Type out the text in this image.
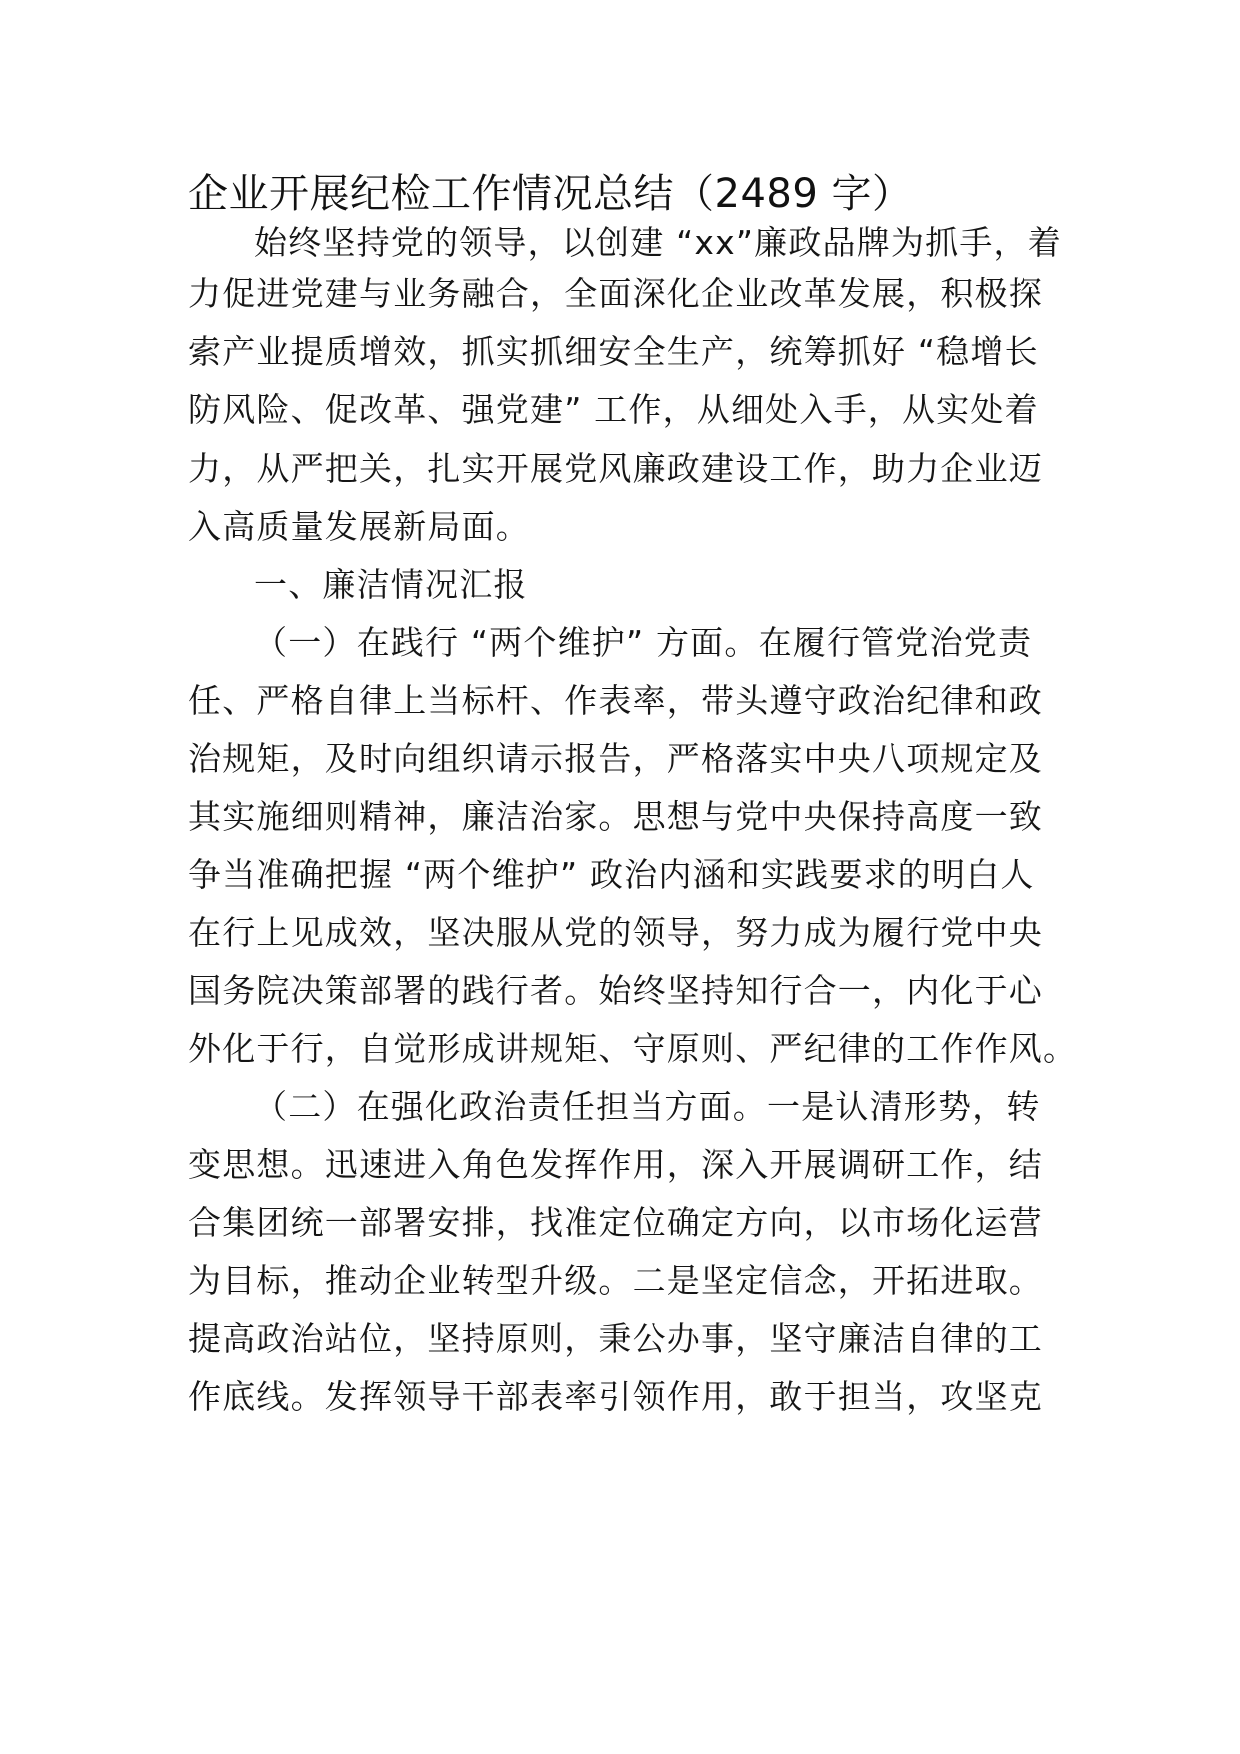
企业开展纪检工作情况总结（2489 字）

始终坚持党的领导，以创建 “xx”廉政品牌为抓手，着

力促进党建与业务融合，全面深化企业改革发展，积极探

索产业提质增效，抓实抓细安全生产，统筹抓好 “稳增长

防风险、促改革、强党建” 工作，从细处入手，从实处着

力，从严把关，扎实开展党风廉政建设工作，助力企业迈

入高质量发展新局面。

一、廉洁情况汇报

（一）在践行 “两个维护” 方面。在履行管党治党责

任、严格自律上当标杆、作表率，带头遵守政治纪律和政

治规矩，及时向组织请示报告，严格落实中央八项规定及

其实施细则精神，廉洁治家。思想与党中央保持高度一致

争当准确把握 “两个维护” 政治内涵和实践要求的明白人

在行上见成效，坚决服从党的领导，努力成为履行党中央

国务院决策部署的践行者。始终坚持知行合一，内化于心

外化于行，自觉形成讲规矩、守原则、严纪律的工作作风。

（二）在强化政治责任担当方面。一是认清形势，转

变思想。迅速进入角色发挥作用，深入开展调研工作，结

合集团统一部署安排，找准定位确定方向，以市场化运营

为目标，推动企业转型升级。二是坚定信念，开拓进取。

提高政治站位，坚持原则，秉公办事，坚守廉洁自律的工

作底线。发挥领导干部表率引领作用，敢于担当，攻坚克
